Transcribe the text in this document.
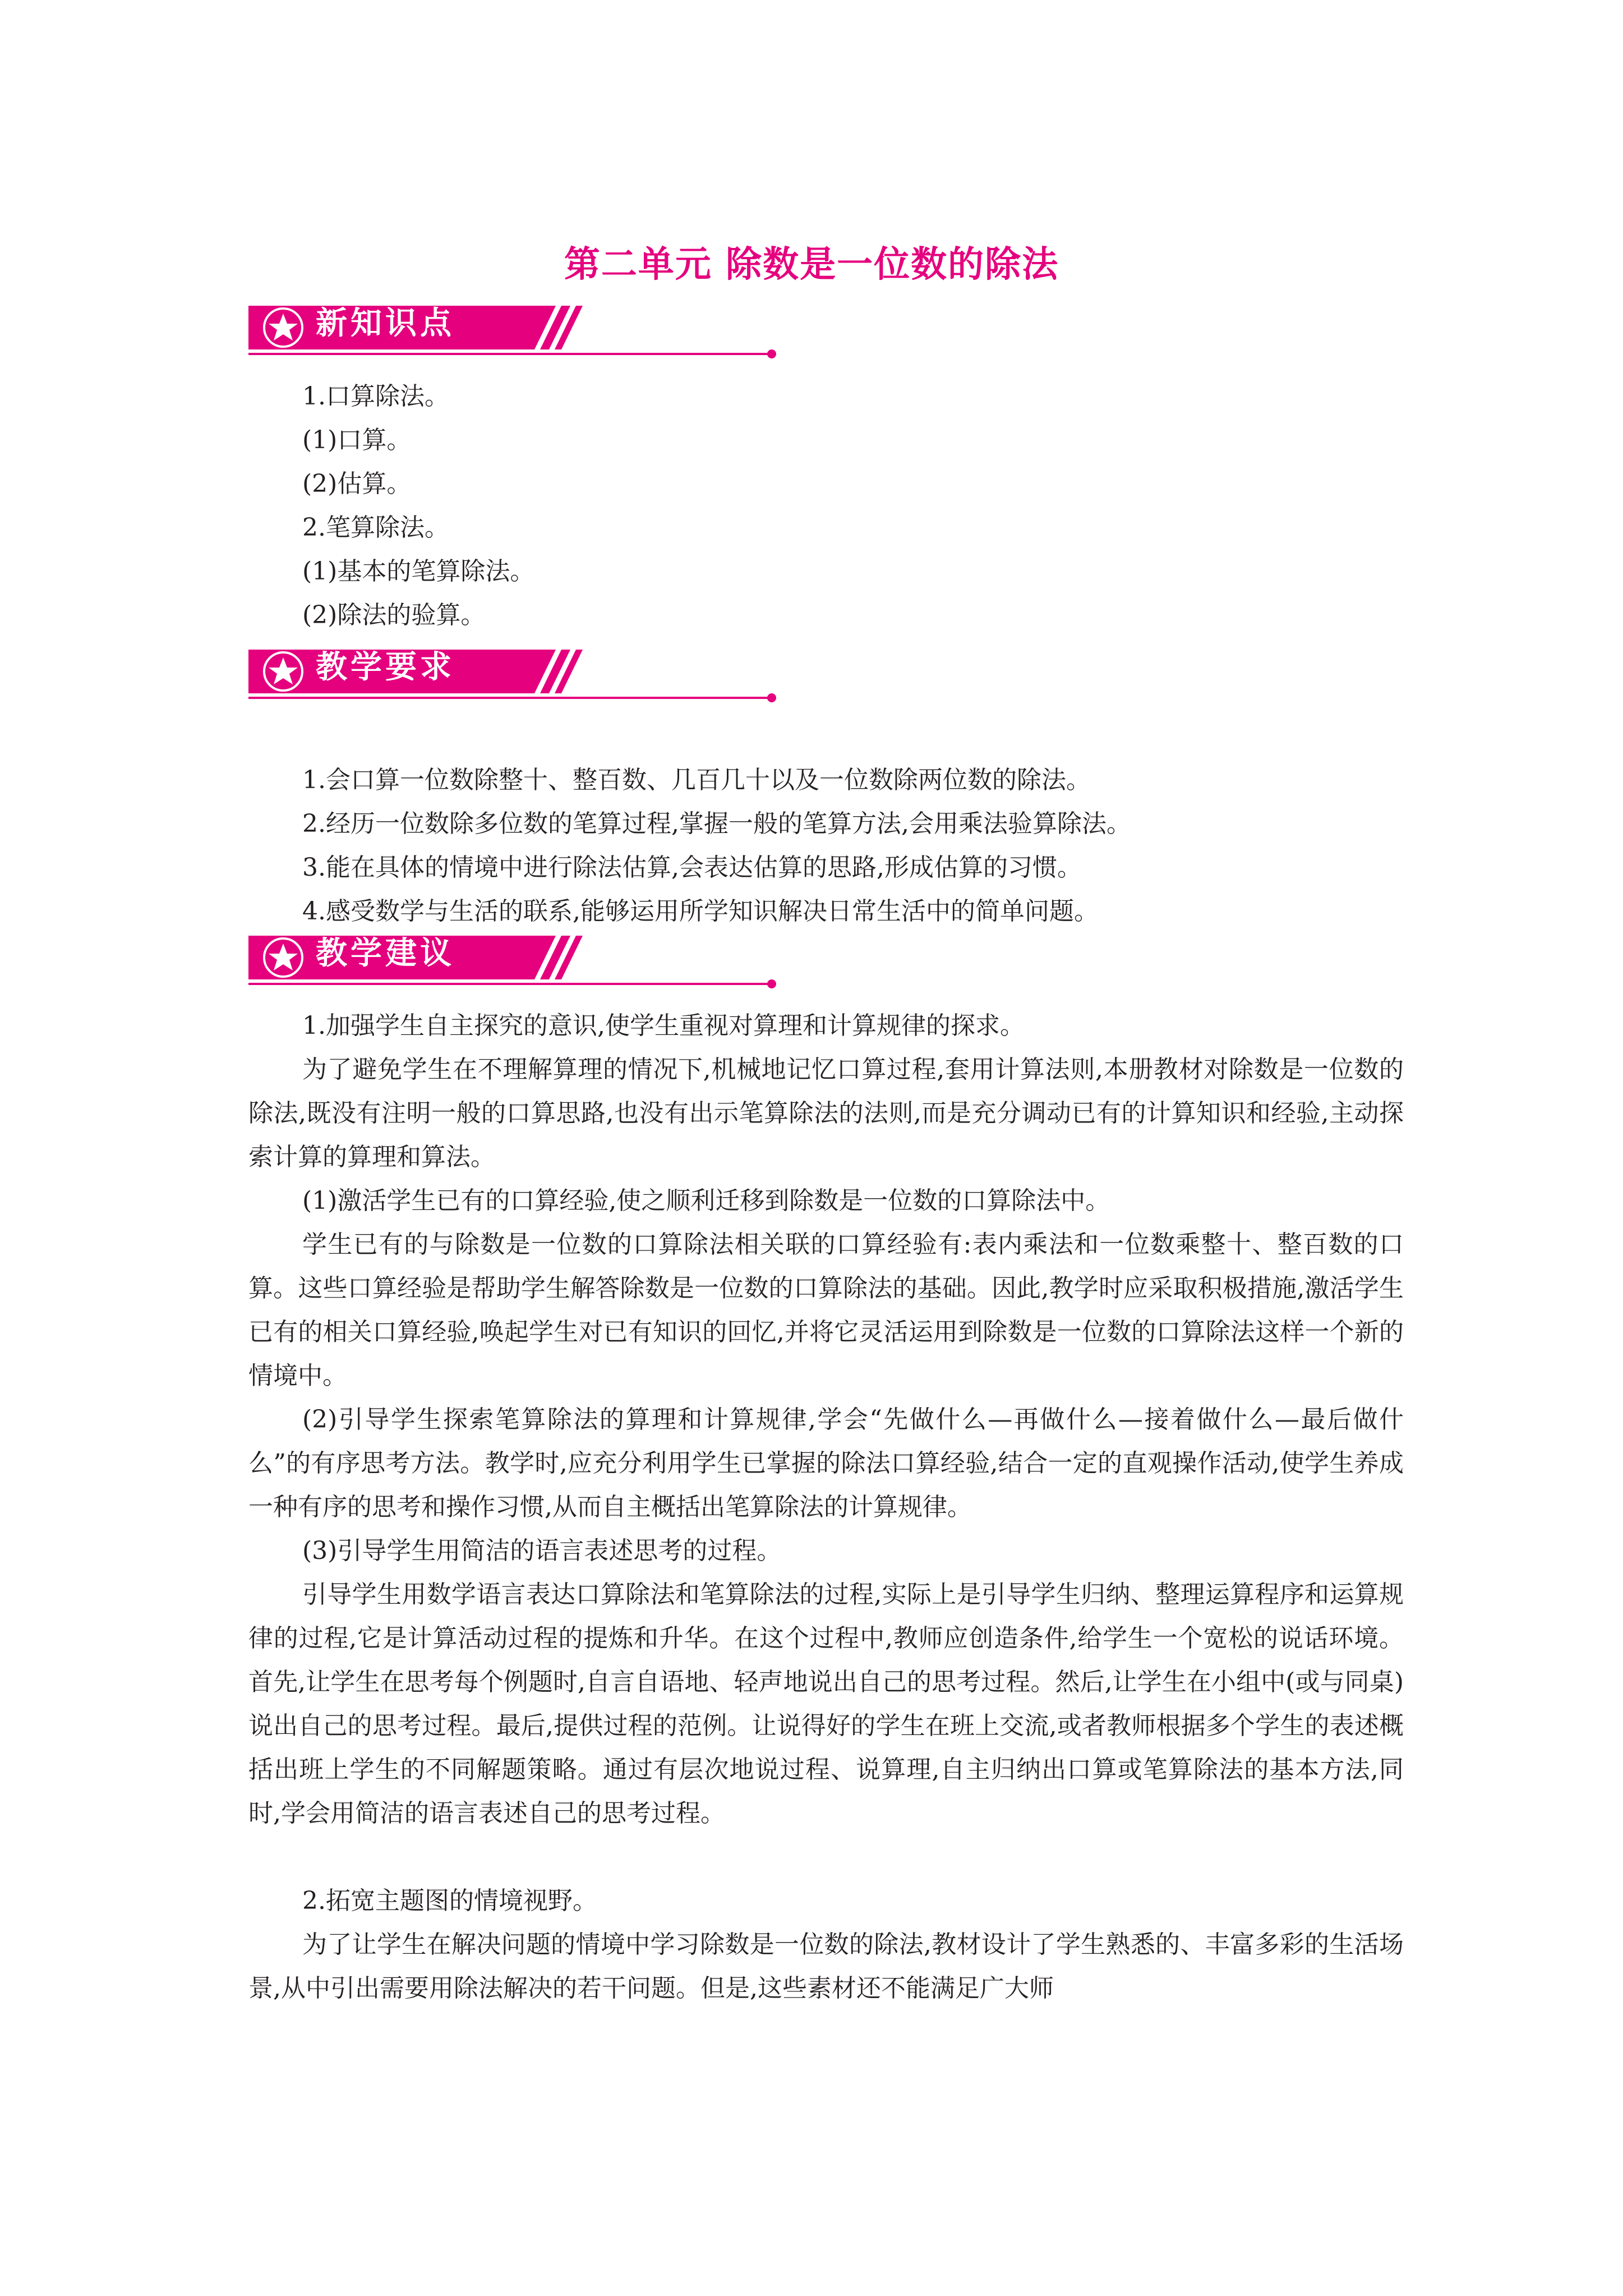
第二单元 除数是一位数的除法
新知识点

1.口算除法。

(1)口算。

(2)估算。

2.笔算除法。

(1)基本的笔算除法。

(2)除法的验算。

教学要求

1.会口算一位数除整十、整百数、几百几十以及一位数除两位数的除法。

2.经历一位数除多位数的笔算过程,掌握一般的笔算方法,会用乘法验算除法。

3.能在具体的情境中进行除法估算,会表达估算的思路,形成估算的习惯。

4.感受数学与生活的联系,能够运用所学知识解决日常生活中的简单问题。

教学建议

1.加强学生自主探究的意识,使学生重视对算理和计算规律的探求。

为了避免学生在不理解算理的情况下,机械地记忆口算过程,套用计算法则,本册教材对除数是一位数的除法,既没有注明一般的口算思路,也没有出示笔算除法的法则,而是充分调动已有的计算知识和经验,主动探索计算的算理和算法。

(1)激活学生已有的口算经验,使之顺利迁移到除数是一位数的口算除法中。

学生已有的与除数是一位数的口算除法相关联的口算经验有:表内乘法和一位数乘整十、整百数的口算。这些口算经验是帮助学生解答除数是一位数的口算除法的基础。因此,教学时应采取积极措施,激活学生已有的相关口算经验,唤起学生对已有知识的回忆,并将它灵活运用到除数是一位数的口算除法这样一个新的情境中。

(2)引导学生探索笔算除法的算理和计算规律,学会“先做什么—再做什么—接着做什么—最后做什么”的有序思考方法。教学时,应充分利用学生已掌握的除法口算经验,结合一定的直观操作活动,使学生养成一种有序的思考和操作习惯,从而自主概括出笔算除法的计算规律。

(3)引导学生用简洁的语言表述思考的过程。

引导学生用数学语言表达口算除法和笔算除法的过程,实际上是引导学生归纳、整理运算程序和运算规律的过程,它是计算活动过程的提炼和升华。在这个过程中,教师应创造条件,给学生一个宽松的说话环境。首先,让学生在思考每个例题时,自言自语地、轻声地说出自己的思考过程。然后,让学生在小组中(或与同桌)说出自己的思考过程。最后,提供过程的范例。让说得好的学生在班上交流,或者教师根据多个学生的表述概括出班上学生的不同解题策略。通过有层次地说过程、说算理,自主归纳出口算或笔算除法的基本方法,同时,学会用简洁的语言表述自己的思考过程。

2.拓宽主题图的情境视野。

为了让学生在解决问题的情境中学习除数是一位数的除法,教材设计了学生熟悉的、丰富多彩的生活场景,从中引出需要用除法解决的若干问题。但是,这些素材还不能满足广大师
